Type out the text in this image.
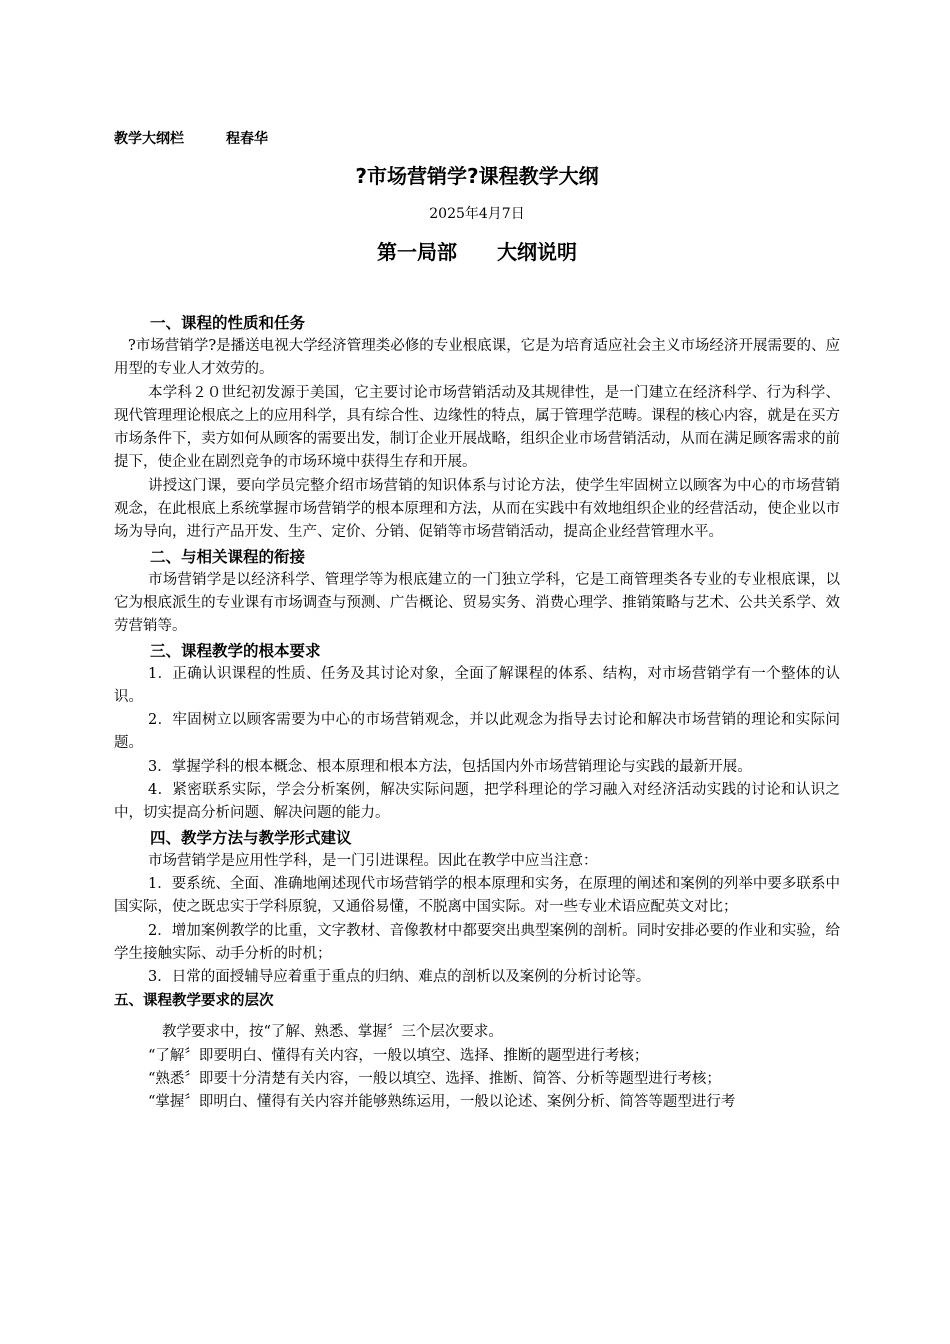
教学大纲栏	程春华
?市场营销学?课程教学大纲
2025年4月7日
第一局部　　大纲说明
一、课程的性质和任务

?市场营销学?是播送电视大学经济管理类必修的专业根底课，它是为培育适应社会主义市场经济开展需要的、应用型的专业人才效劳的。

本学科２０世纪初发源于美国，它主要讨论市场营销活动及其规律性，是一门建立在经济科学、行为科学、现代管理理论根底之上的应用科学，具有综合性、边缘性的特点，属于管理学范畴。课程的核心内容，就是在买方市场条件下，卖方如何从顾客的需要出发，制订企业开展战略，组织企业市场营销活动，从而在满足顾客需求的前提下，使企业在剧烈竞争的市场环境中获得生存和开展。

讲授这门课，要向学员完整介绍市场营销的知识体系与讨论方法，使学生牢固树立以顾客为中心的市场营销观念，在此根底上系统掌握市场营销学的根本原理和方法，从而在实践中有效地组织企业的经营活动，使企业以市场为导向，进行产品开发、生产、定价、分销、促销等市场营销活动，提高企业经营管理水平。

二、与相关课程的衔接

市场营销学是以经济科学、管理学等为根底建立的一门独立学科，它是工商管理类各专业的专业根底课，以它为根底派生的专业课有市场调查与预测、广告概论、贸易实务、消费心理学、推销策略与艺术、公共关系学、效劳营销等。

三、课程教学的根本要求

1．正确认识课程的性质、任务及其讨论对象，全面了解课程的体系、结构，对市场营销学有一个整体的认识。

2．牢固树立以顾客需要为中心的市场营销观念，并以此观念为指导去讨论和解决市场营销的理论和实际问题。

3．掌握学科的根本概念、根本原理和根本方法，包括国内外市场营销理论与实践的最新开展。

4．紧密联系实际，学会分析案例，解决实际问题，把学科理论的学习融入对经济活动实践的讨论和认识之中，切实提高分析问题、解决问题的能力。

四、教学方法与教学形式建议

市场营销学是应用性学科，是一门引进课程。因此在教学中应当注意：

1．要系统、全面、准确地阐述现代市场营销学的根本原理和实务，在原理的阐述和案例的列举中要多联系中国实际，使之既忠实于学科原貌，又通俗易懂，不脱离中国实际。对一些专业术语应配英文对比；

2．增加案例教学的比重，文字教材、音像教材中都要突出典型案例的剖析。同时安排必要的作业和实验，给学生接触实际、动手分析的时机；

3．日常的面授辅导应着重于重点的归纳、难点的剖析以及案例的分析讨论等。

五、课程教学要求的层次

教学要求中，按“了解、熟悉、掌握〞三个层次要求。

“了解〞即要明白、懂得有关内容，一般以填空、选择、推断的题型进行考核；

“熟悉〞即要十分清楚有关内容，一般以填空、选择、推断、简答、分析等题型进行考核；

“掌握〞即明白、懂得有关内容并能够熟练运用，一般以论述、案例分析、简答等题型进行考
